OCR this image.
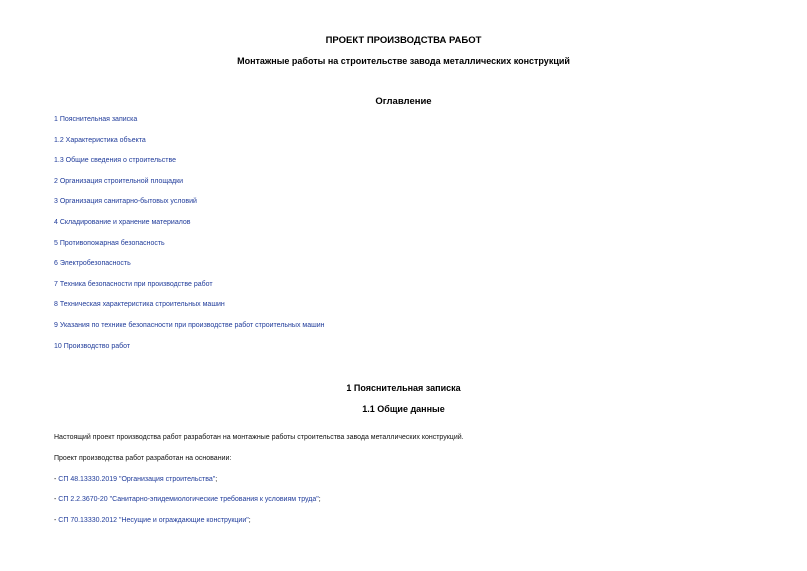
ПРОЕКТ ПРОИЗВОДСТВА РАБОТ
Монтажные работы на строительстве завода металлических конструкций
Оглавление
1 Пояснительная записка
1.2 Характеристика объекта
1.3 Общие сведения о строительстве
2 Организация строительной площадки
3 Организация санитарно-бытовых условий
4 Складирование и хранение материалов
5 Противопожарная безопасность
6 Электробезопасность
7 Техника безопасности при производстве работ
8 Техническая характеристика строительных машин
9 Указания по технике безопасности при производстве работ строительных машин
10 Производство работ
1 Пояснительная записка
1.1 Общие данные
Настоящий проект производства работ разработан на монтажные работы строительства завода металлических конструкций.
Проект производства работ разработан на основании:
- СП 48.13330.2019 "Организация строительства";
- СП 2.2.3670-20 "Санитарно-эпидемиологические требования к условиям труда";
- СП 70.13330.2012 "Несущие и ограждающие конструкции";
